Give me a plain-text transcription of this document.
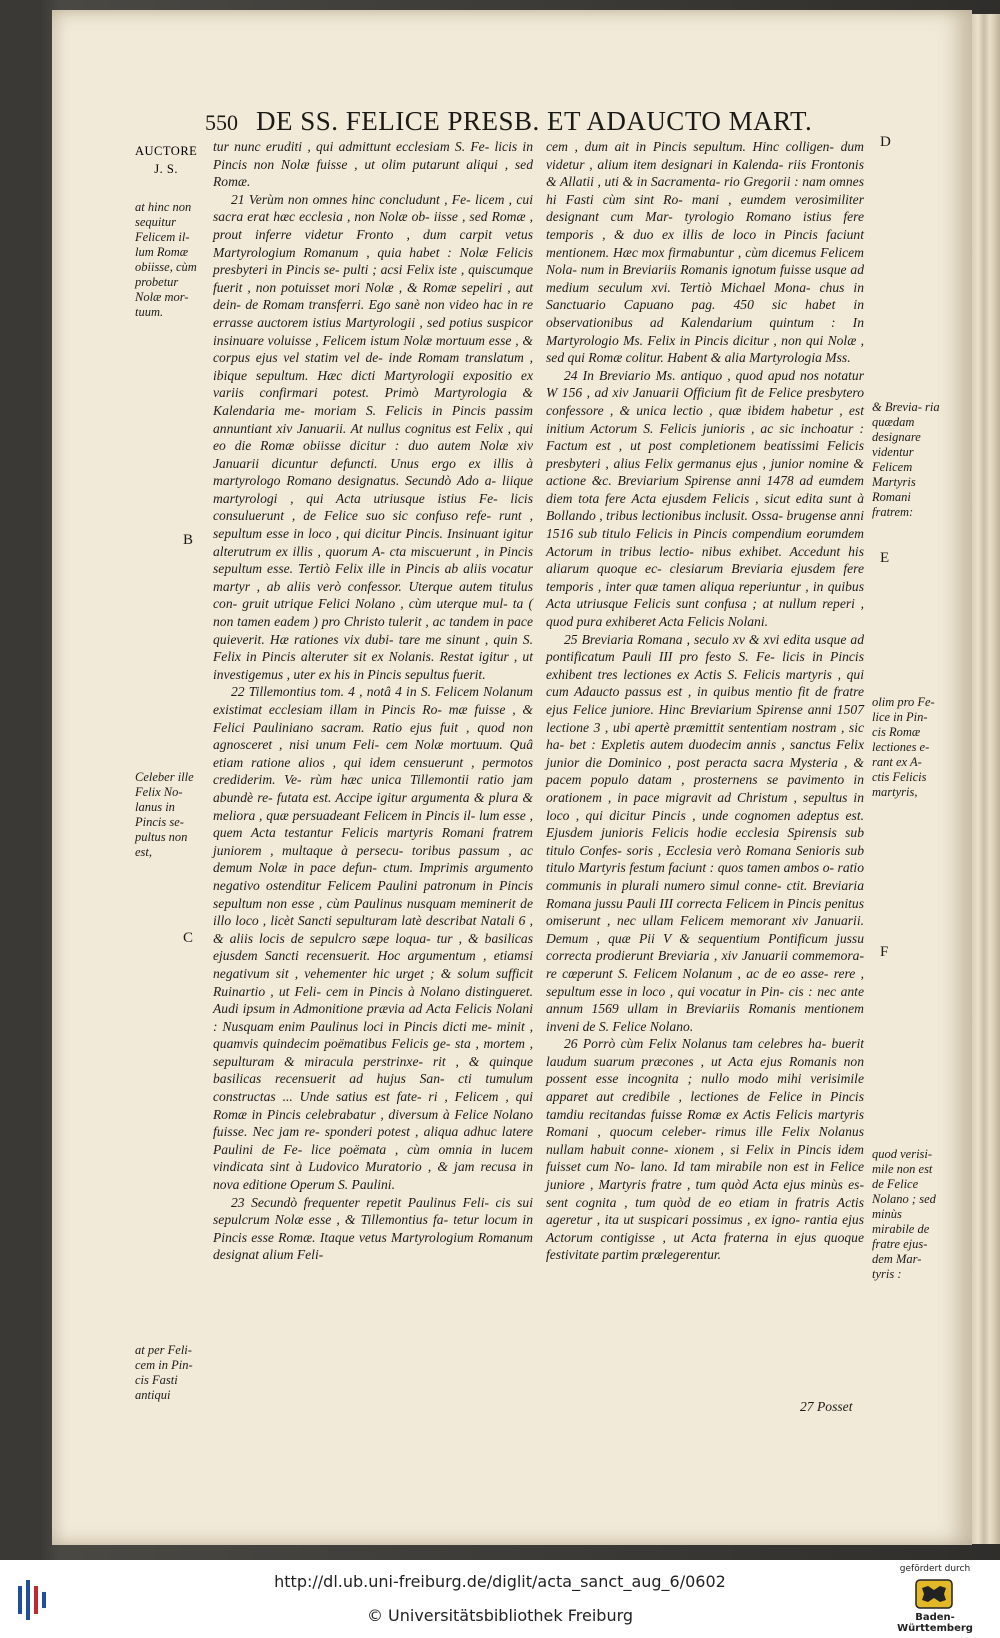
550 DE SS. FELICE PRESB. ET ADAUCTO MART.
AUCTORE
J. S.
at hinc non sequitur Felicem il- lum Romæ obiisse, cùm probetur Nolæ mor- tuum.
B
Celeber ille Felix No- lanus in Pincis se- pultus non est,
C
at per Feli- cem in Pin- cis Fasti antiqui
D
& Brevia- ria quædam designare videntur Felicem Martyris Romani fratrem:
E
olim pro Fe- lice in Pin- cis Romæ lectiones e- rant ex A- ctis Felicis martyris,
F
quod verisi- mile non est de Felice Nolano ; sed minùs mirabile de fratre ejus- dem Mar- tyris :

tur nunc eruditi , qui admittunt ecclesiam S. Fe- licis in Pincis non Nolæ fuisse , ut olim putarunt aliqui , sed Romæ.

21 Verùm non omnes hinc concludunt , Fe- licem , cui sacra erat hæc ecclesia , non Nolæ ob- iisse , sed Romæ , prout inferre videtur Fronto , dum carpit vetus Martyrologium Romanum , quia habet : Nolæ Felicis presbyteri in Pincis se- pulti ; acsi Felix iste , quiscumque fuerit , non potuisset mori Nolæ , & Romæ sepeliri , aut dein- de Romam transferri. Ego sanè non video hac in re errasse auctorem istius Martyrologii , sed potius suspicor insinuare voluisse , Felicem istum Nolæ mortuum esse , & corpus ejus vel statim vel de- inde Romam translatum , ibique sepultum. Hæc dicti Martyrologii expositio ex variis confirmari potest. Primò Martyrologia & Kalendaria me- moriam S. Felicis in Pincis passim annuntiant xiv Januarii. At nullus cognitus est Felix , qui eo die Romæ obiisse dicitur : duo autem Nolæ xiv Januarii dicuntur defuncti. Unus ergo ex illis à martyrologo Romano designatus. Secundò Ado a- liique martyrologi , qui Acta utriusque istius Fe- licis consuluerunt , de Felice suo sic confuso refe- runt , sepultum esse in loco , qui dicitur Pincis. Insinuant igitur alterutrum ex illis , quorum A- cta miscuerunt , in Pincis sepultum esse. Tertiò Felix ille in Pincis ab aliis vocatur martyr , ab aliis verò confessor. Uterque autem titulus con- gruit utrique Felici Nolano , cùm uterque mul- ta ( non tamen eadem ) pro Christo tulerit , ac tandem in pace quieverit. Hæ rationes vix dubi- tare me sinunt , quin S. Felix in Pincis alteruter sit ex Nolanis. Restat igitur , ut investigemus , uter ex his in Pincis sepultus fuerit.

22 Tillemontius tom. 4 , notâ 4 in S. Felicem Nolanum existimat ecclesiam illam in Pincis Ro- mæ fuisse , & Felici Pauliniano sacram. Ratio ejus fuit , quod non agnosceret , nisi unum Feli- cem Nolæ mortuum. Quâ etiam ratione alios , qui idem censuerunt , permotos crediderim. Ve- rùm hæc unica Tillemontii ratio jam abundè re- futata est. Accipe igitur argumenta & plura & meliora , quæ persuadeant Felicem in Pincis il- lum esse , quem Acta testantur Felicis martyris Romani fratrem juniorem , multaque à persecu- toribus passum , ac demum Nolæ in pace defun- ctum. Imprimis argumento negativo ostenditur Felicem Paulini patronum in Pincis sepultum non esse , cùm Paulinus nusquam meminerit de illo loco , licèt Sancti sepulturam latè describat Natali 6 , & aliis locis de sepulcro sæpe loqua- tur , & basilicas ejusdem Sancti recensuerit. Hoc argumentum , etiamsi negativum sit , vehementer hic urget ; & solum sufficit Ruinartio , ut Feli- cem in Pincis à Nolano distingueret. Audi ipsum in Admonitione prævia ad Acta Felicis Nolani : Nusquam enim Paulinus loci in Pincis dicti me- minit , quamvis quindecim poëmatibus Felicis ge- sta , mortem , sepulturam & miracula perstrinxe- rit , & quinque basilicas recensuerit ad hujus San- cti tumulum constructas ... Unde satius est fate- ri , Felicem , qui Romæ in Pincis celebrabatur , diversum à Felice Nolano fuisse. Nec jam re- sponderi potest , aliqua adhuc latere Paulini de Fe- lice poëmata , cùm omnia in lucem vindicata sint à Ludovico Muratorio , & jam recusa in nova editione Operum S. Paulini.

23 Secundò frequenter repetit Paulinus Feli- cis sui sepulcrum Nolæ esse , & Tillemontius fa- tetur locum in Pincis esse Romæ. Itaque vetus Martyrologium Romanum designat alium Feli-

cem , dum ait in Pincis sepultum. Hinc colligen- dum videtur , alium item designari in Kalenda- riis Frontonis & Allatii , uti & in Sacramenta- rio Gregorii : nam omnes hi Fasti cùm sint Ro- mani , eumdem verosimiliter designant cum Mar- tyrologio Romano istius fere temporis , & duo ex illis de loco in Pincis faciunt mentionem. Hæc mox firmabuntur , cùm dicemus Felicem Nola- num in Breviariis Romanis ignotum fuisse usque ad medium seculum xvi. Tertiò Michael Mona- chus in Sanctuario Capuano pag. 450 sic habet in observationibus ad Kalendarium quintum : In Martyrologio Ms. Felix in Pincis dicitur , non qui Nolæ , sed qui Romæ colitur. Habent & alia Martyrologia Mss.

24 In Breviario Ms. antiquo , quod apud nos notatur W 156 , ad xiv Januarii Officium fit de Felice presbytero confessore , & unica lectio , quæ ibidem habetur , est initium Actorum S. Felicis junioris , ac sic inchoatur : Factum est , ut post completionem beatissimi Felicis presbyteri , alius Felix germanus ejus , junior nomine & actione &c. Breviarium Spirense anni 1478 ad eumdem diem tota fere Acta ejusdem Felicis , sicut edita sunt à Bollando , tribus lectionibus inclusit. Ossa- brugense anni 1516 sub titulo Felicis in Pincis compendium eorumdem Actorum in tribus lectio- nibus exhibet. Accedunt his aliarum quoque ec- clesiarum Breviaria ejusdem fere temporis , inter quæ tamen aliqua reperiuntur , in quibus Acta utriusque Felicis sunt confusa ; at nullum reperi , quod pura exhiberet Acta Felicis Nolani.

25 Breviaria Romana , seculo xv & xvi edita usque ad pontificatum Pauli III pro festo S. Fe- licis in Pincis exhibent tres lectiones ex Actis S. Felicis martyris , qui cum Adaucto passus est , in quibus mentio fit de fratre ejus Felice juniore. Hinc Breviarium Spirense anni 1507 lectione 3 , ubi apertè præmittit sententiam nostram , sic ha- bet : Expletis autem duodecim annis , sanctus Felix junior die Dominico , post peracta sacra Mysteria , & pacem populo datam , prosternens se pavimento in orationem , in pace migravit ad Christum , sepultus in loco , qui dicitur Pincis , unde cognomen adeptus est. Ejusdem junioris Felicis hodie ecclesia Spirensis sub titulo Confes- soris , Ecclesia verò Romana Senioris sub titulo Martyris festum faciunt : quos tamen ambos o- ratio communis in plurali numero simul conne- ctit. Breviaria Romana jussu Pauli III correcta Felicem in Pincis penitus omiserunt , nec ullam Felicem memorant xiv Januarii. Demum , quæ Pii V & sequentium Pontificum jussu correcta prodierunt Breviaria , xiv Januarii commemora- re cœperunt S. Felicem Nolanum , ac de eo asse- rere , sepultum esse in loco , qui vocatur in Pin- cis : nec ante annum 1569 ullam in Breviariis Romanis mentionem inveni de S. Felice Nolano.

26 Porrò cùm Felix Nolanus tam celebres ha- buerit laudum suarum præcones , ut Acta ejus Romanis non possent esse incognita ; nullo modo mihi verisimile apparet aut credibile , lectiones de Felice in Pincis tamdiu recitandas fuisse Romæ ex Actis Felicis martyris Romani , quocum celeber- rimus ille Felix Nolanus nullam habuit conne- xionem , si Felix in Pincis idem fuisset cum No- lano. Id tam mirabile non est in Felice juniore , Martyris fratre , tum quòd Acta ejus minùs es- sent cognita , tum quòd de eo etiam in fratris Actis ageretur , ita ut suspicari possimus , ex igno- rantia ejus Actorum contigisse , ut Acta fraterna in ejus quoque festivitate partim prælegerentur.

27 Posset
http://dl.ub.uni-freiburg.de/diglit/acta_sanct_aug_6/0602
© Universitätsbibliothek Freiburg
gefördert durch
Baden-Württemberg
